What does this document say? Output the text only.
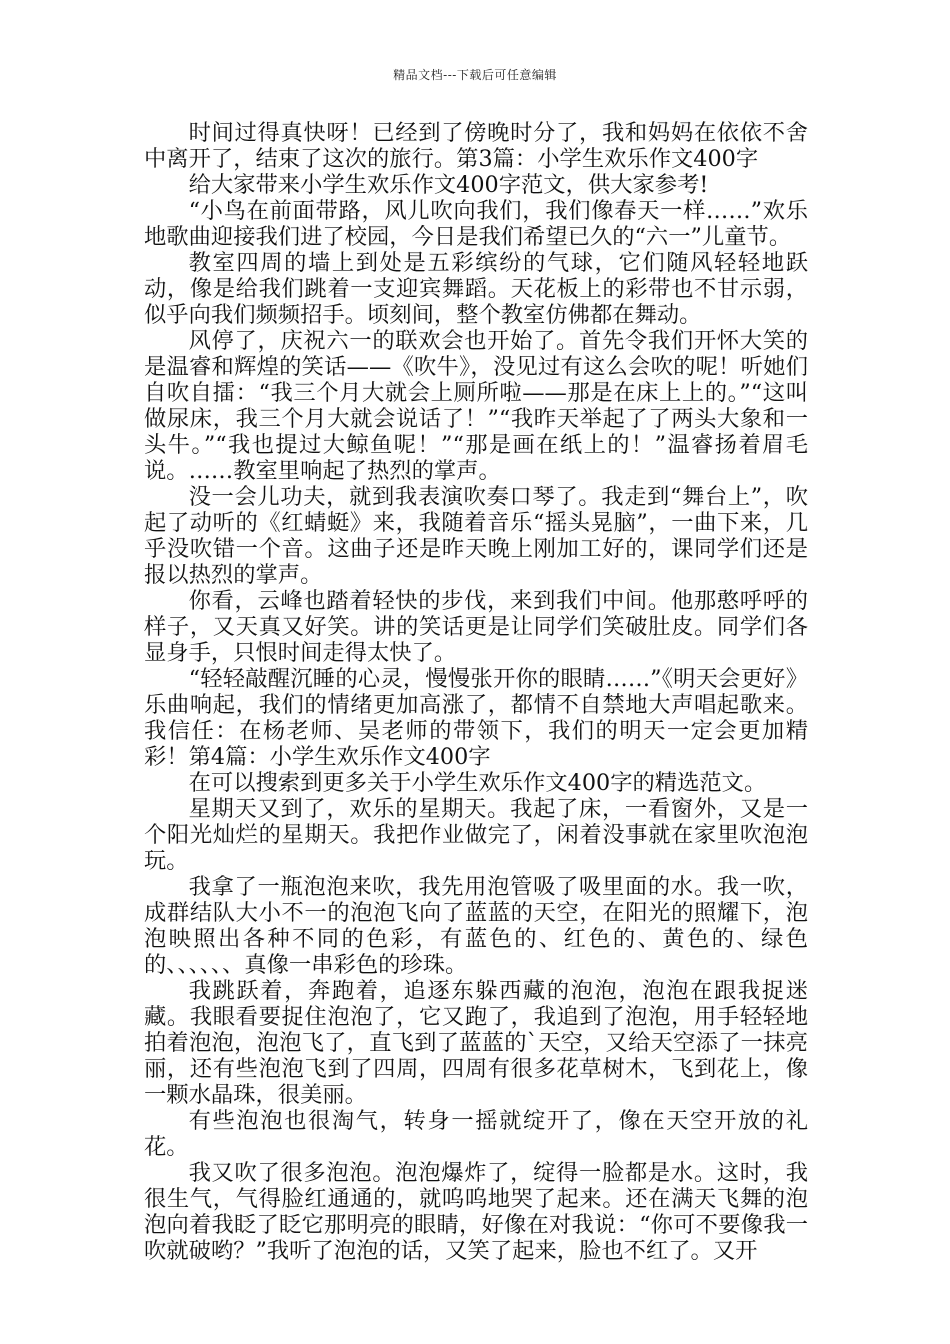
精品文档---下载后可任意编辑

时间过得真快呀！已经到了傍晚时分了，我和妈妈在依依不舍中离开了，结束了这次的旅行。第3篇：小学生欢乐作文400字

给大家带来小学生欢乐作文400字范文，供大家参考!

“小鸟在前面带路，风儿吹向我们，我们像春天一样……”欢乐地歌曲迎接我们进了校园，今日是我们希望已久的“六一”儿童节。

教室四周的墙上到处是五彩缤纷的气球，它们随风轻轻地跃动，像是给我们跳着一支迎宾舞蹈。天花板上的彩带也不甘示弱，似乎向我们频频招手。顷刻间，整个教室仿佛都在舞动。

风停了，庆祝六一的联欢会也开始了。首先令我们开怀大笑的是温睿和辉煌的笑话——《吹牛》，没见过有这么会吹的呢！听她们自吹自擂：“我三个月大就会上厕所啦——那是在床上上的。”“这叫做尿床，我三个月大就会说话了！”“我昨天举起了了两头大象和一头牛。”“我也提过大鲸鱼呢！”“那是画在纸上的！”温睿扬着眉毛说。……教室里响起了热烈的掌声。

没一会儿功夫，就到我表演吹奏口琴了。我走到“舞台上”，吹起了动听的《红蜻蜓》来，我随着音乐“摇头晃脑”，一曲下来，几乎没吹错一个音。这曲子还是昨天晚上刚加工好的，课同学们还是报以热烈的掌声。

你看，云峰也踏着轻快的步伐，来到我们中间。他那憨呼呼的样子，又天真又好笑。讲的笑话更是让同学们笑破肚皮。同学们各显身手，只恨时间走得太快了。

“轻轻敲醒沉睡的心灵，慢慢张开你的眼睛……”《明天会更好》乐曲响起，我们的情绪更加高涨了，都情不自禁地大声唱起歌来。我信任：在杨老师、吴老师的带领下，我们的明天一定会更加精彩！第4篇：小学生欢乐作文400字

在可以搜索到更多关于小学生欢乐作文400字的精选范文。

星期天又到了，欢乐的星期天。我起了床，一看窗外，又是一个阳光灿烂的星期天。我把作业做完了，闲着没事就在家里吹泡泡玩。

我拿了一瓶泡泡来吹，我先用泡管吸了吸里面的水。我一吹，成群结队大小不一的泡泡飞向了蓝蓝的天空，在阳光的照耀下，泡泡映照出各种不同的色彩，有蓝色的、红色的、黄色的、绿色的、、、、、、真像一串彩色的珍珠。

我跳跃着，奔跑着，追逐东躲西藏的泡泡，泡泡在跟我捉迷藏。我眼看要捉住泡泡了，它又跑了，我追到了泡泡，用手轻轻地拍着泡泡，泡泡飞了，直飞到了蓝蓝的`天空，又给天空添了一抹亮丽，还有些泡泡飞到了四周，四周有很多花草树木，飞到花上，像一颗水晶珠，很美丽。

有些泡泡也很淘气，转身一摇就绽开了，像在天空开放的礼花。

我又吹了很多泡泡。泡泡爆炸了，绽得一脸都是水。这时，我很生气，气得脸红通通的，就呜呜地哭了起来。还在满天飞舞的泡泡向着我眨了眨它那明亮的眼睛，好像在对我说：“你可不要像我一吹就破哟？”我听了泡泡的话，又笑了起来，脸也不红了。又开
